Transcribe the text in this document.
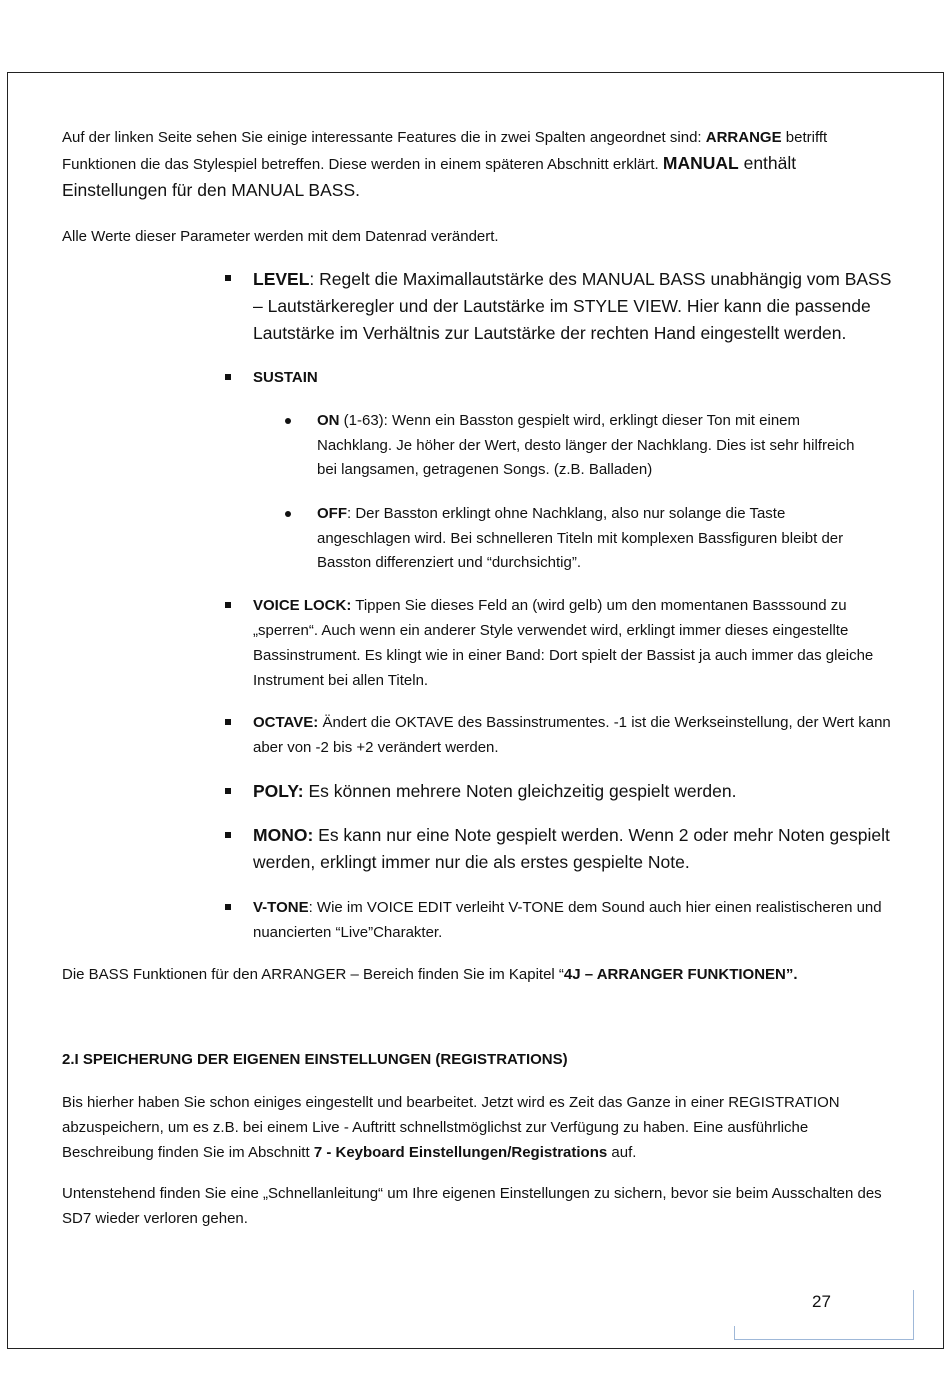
Auf der linken Seite sehen Sie einige interessante Features die in zwei Spalten angeordnet sind: ARRANGE betrifft Funktionen die das Stylespiel betreffen. Diese werden in einem späteren Abschnitt erklärt. MANUAL enthält Einstellungen für den MANUAL BASS.

Alle Werte dieser Parameter werden mit dem Datenrad verändert.

LEVEL: Regelt die Maximallautstärke des MANUAL BASS unabhängig vom BASS – Lautstärkeregler und der Lautstärke im STYLE VIEW. Hier kann die passende Lautstärke im Verhältnis zur Lautstärke der rechten Hand eingestellt werden.

SUSTAIN

ON (1-63): Wenn ein Basston gespielt wird, erklingt dieser Ton mit einem Nachklang. Je höher der Wert, desto länger der Nachklang. Dies ist sehr hilfreich bei langsamen, getragenen Songs. (z.B. Balladen)

OFF: Der Basston erklingt ohne Nachklang, also nur solange die Taste angeschlagen wird. Bei schnelleren Titeln mit komplexen Bassfiguren bleibt der Basston differenziert und “durchsichtig”.

VOICE LOCK: Tippen Sie dieses Feld an (wird gelb) um den momentanen Basssound zu „sperren“. Auch wenn ein anderer Style verwendet wird, erklingt immer dieses eingestellte Bassinstrument. Es klingt wie in einer Band: Dort spielt der Bassist ja auch immer das gleiche Instrument bei allen Titeln.

OCTAVE: Ändert die OKTAVE des Bassinstrumentes. -1 ist die Werkseinstellung, der Wert kann aber von -2 bis +2 verändert werden.

POLY: Es können mehrere Noten gleichzeitig gespielt werden.

MONO: Es kann nur eine Note gespielt werden. Wenn 2 oder mehr Noten gespielt werden, erklingt immer nur die als erstes gespielte Note.

V-TONE: Wie im VOICE EDIT verleiht V-TONE dem Sound auch hier einen realistischeren und nuancierten “Live”Charakter.

Die BASS Funktionen für den ARRANGER – Bereich finden Sie im Kapitel “4J – ARRANGER FUNKTIONEN”.

2.I SPEICHERUNG DER EIGENEN EINSTELLUNGEN (REGISTRATIONS)

Bis hierher haben Sie schon einiges eingestellt und bearbeitet. Jetzt wird es Zeit das Ganze in einer REGISTRATION abzuspeichern, um es z.B. bei einem Live - Auftritt schnellstmöglichst zur Verfügung zu haben. Eine ausführliche Beschreibung finden Sie im Abschnitt 7 - Keyboard Einstellungen/Registrations auf.

Untenstehend finden Sie eine „Schnellanleitung“ um Ihre eigenen Einstellungen zu sichern, bevor sie beim Ausschalten des SD7 wieder verloren gehen.

27
